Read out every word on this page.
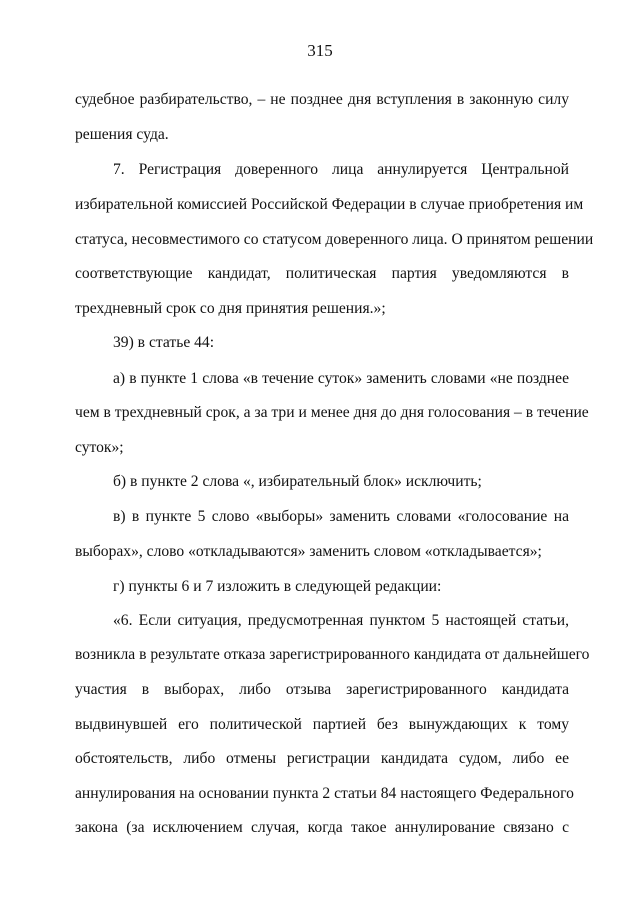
315
судебное разбирательство, – не позднее дня вступления в законную силу
решения суда.
7. Регистрация доверенного лица аннулируется Центральной
избирательной комиссией Российской Федерации в случае приобретения им
статуса, несовместимого со статусом доверенного лица. О принятом решении
соответствующие кандидат, политическая партия уведомляются в
трехдневный срок со дня принятия решения.»;
39) в статье 44:
а) в пункте 1 слова «в течение суток» заменить словами «не позднее
чем в трехдневный срок, а за три и менее дня до дня голосования – в течение
суток»;
б) в пункте 2 слова «, избирательный блок» исключить;
в) в пункте 5 слово «выборы» заменить словами «голосование на
выборах», слово «откладываются» заменить словом «откладывается»;
г) пункты 6 и 7 изложить в следующей редакции:
«6. Если ситуация, предусмотренная пунктом 5 настоящей статьи,
возникла в результате отказа зарегистрированного кандидата от дальнейшего
участия в выборах, либо отзыва зарегистрированного кандидата
выдвинувшей его политической партией без вынуждающих к тому
обстоятельств, либо отмены регистрации кандидата судом, либо ее
аннулирования на основании пункта 2 статьи 84 настоящего Федерального
закона (за исключением случая, когда такое аннулирование связано с
